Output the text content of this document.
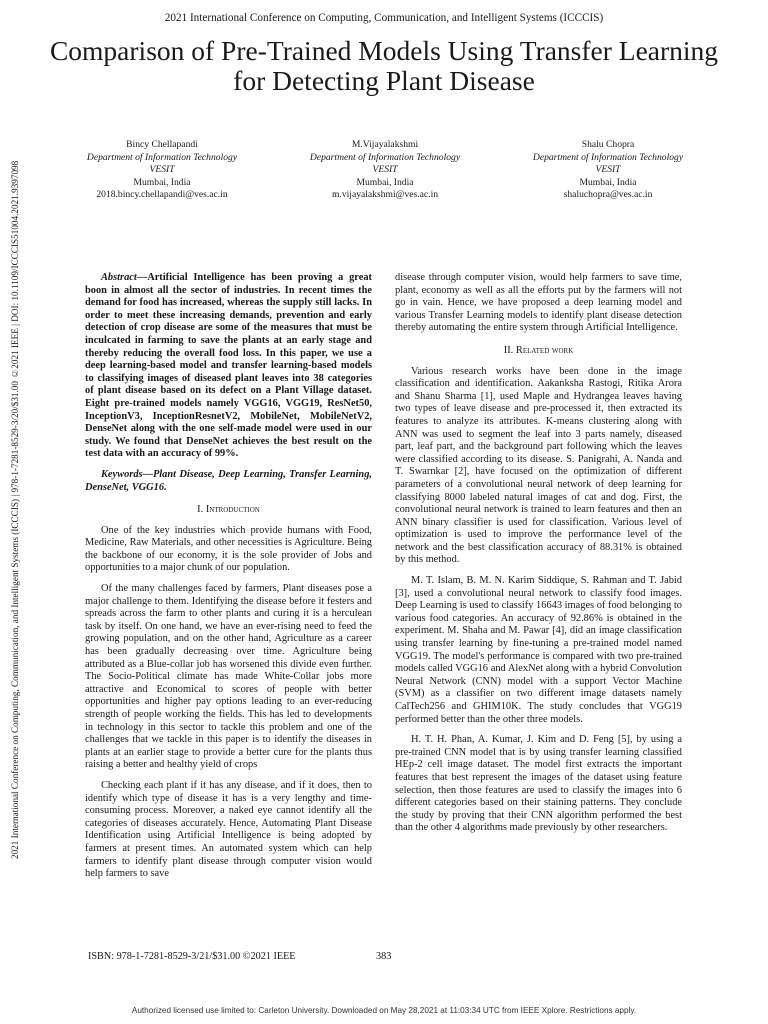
2021 International Conference on Computing, Communication, and Intelligent Systems (ICCCIS)
Comparison of Pre-Trained Models Using Transfer Learning for Detecting Plant Disease
2021 International Conference on Computing, Communication, and Intelligent Systems (ICCCIS) | 978-1-7281-8529-3/20/$31.00 ©2021 IEEE | DOI: 10.1109/ICCCIS51004.2021.9397098
Bincy Chellapandi
Department of Information Technology
VESIT
Mumbai, India
2018.bincy.chellapandi@ves.ac.in
M.Vijayalakshmi
Department of Information Technology
VESIT
Mumbai, India
m.vijayalakshmi@ves.ac.in
Shalu Chopra
Department of Information Technology
VESIT
Mumbai, India
shaluchopra@ves.ac.in

Abstract—Artificial Intelligence has been proving a great boon in almost all the sector of industries. In recent times the demand for food has increased, whereas the supply still lacks. In order to meet these increasing demands, prevention and early detection of crop disease are some of the measures that must be inculcated in farming to save the plants at an early stage and thereby reducing the overall food loss. In this paper, we use a deep learning-based model and transfer learning-based models to classifying images of diseased plant leaves into 38 categories of plant disease based on its defect on a Plant Village dataset. Eight pre-trained models namely VGG16, VGG19, ResNet50, InceptionV3, InceptionResnetV2, MobileNet, MobileNetV2, DenseNet along with the one self-made model were used in our study. We found that DenseNet achieves the best result on the test data with an accuracy of 99%.

Keywords—Plant Disease, Deep Learning, Transfer Learning, DenseNet, VGG16.

I. Introduction

One of the key industries which provide humans with Food, Medicine, Raw Materials, and other necessities is Agriculture. Being the backbone of our economy, it is the sole provider of Jobs and opportunities to a major chunk of our population.

Of the many challenges faced by farmers, Plant diseases pose a major challenge to them. Identifying the disease before it festers and spreads across the farm to other plants and curing it is a herculean task by itself. On one hand, we have an ever-rising need to feed the growing population, and on the other hand, Agriculture as a career has been gradually decreasing over time. Agriculture being attributed as a Blue-collar job has worsened this divide even further. The Socio-Political climate has made White-Collar jobs more attractive and Economical to scores of people with better opportunities and higher pay options leading to an ever-reducing strength of people working the fields. This has led to developments in technology in this sector to tackle this problem and one of the challenges that we tackle in this paper is to identify the diseases in plants at an earlier stage to provide a better cure for the plants thus raising a better and healthy yield of crops

Checking each plant if it has any disease, and if it does, then to identify which type of disease it has is a very lengthy and time-consuming process. Moreover, a naked eye cannot identify all the categories of diseases accurately. Hence, Automating Plant Disease Identification using Artificial Intelligence is being adopted by farmers at present times. An automated system which can help farmers to identify plant disease through computer vision would help farmers to save

disease through computer vision, would help farmers to save time, plant, economy as well as all the efforts put by the farmers will not go in vain. Hence, we have proposed a deep learning model and various Transfer Learning models to identify plant disease detection thereby automating the entire system through Artificial Intelligence.

II. Related work

Various research works have been done in the image classification and identification. Aakanksha Rastogi, Ritika Arora and Shanu Sharma [1], used Maple and Hydrangea leaves having two types of leave disease and pre-processed it, then extracted its features to analyze its attributes. K-means clustering along with ANN was used to segment the leaf into 3 parts namely, diseased part, leaf part, and the background part following which the leaves were classified according to its disease. S. Panigrahi, A. Nanda and T. Swarnkar [2], have focused on the optimization of different parameters of a convolutional neural network of deep learning for classifying 8000 labeled natural images of cat and dog. First, the convolutional neural network is trained to learn features and then an ANN binary classifier is used for classification. Various level of optimization is used to improve the performance level of the network and the best classification accuracy of 88.31% is obtained by this method.

M. T. Islam, B. M. N. Karim Siddique, S. Rahman and T. Jabid [3], used a convolutional neural network to classify food images. Deep Learning is used to classify 16643 images of food belonging to various food categories. An accuracy of 92.86% is obtained in the experiment. M. Shaha and M. Pawar [4], did an image classification using transfer learning by fine-tuning a pre-trained model named VGG19. The model's performance is compared with two pre-trained models called VGG16 and AlexNet along with a hybrid Convolution Neural Network (CNN) model with a support Vector Machine (SVM) as a classifier on two different image datasets namely CalTech256 and GHIM10K. The study concludes that VGG19 performed better than the other three models.

H. T. H. Phan, A. Kumar, J. Kim and D. Feng [5], by using a pre-trained CNN model that is by using transfer learning classified HEp-2 cell image dataset. The model first extracts the important features that best represent the images of the dataset using feature selection, then those features are used to classify the images into 6 different categories based on their staining patterns. They conclude the study by proving that their CNN algorithm performed the best than the other 4 algorithms made previously by other researchers.

ISBN: 978-1-7281-8529-3/21/$31.00 ©2021 IEEE	383
Authorized licensed use limited to: Carleton University. Downloaded on May 28,2021 at 11:03:34 UTC from IEEE Xplore. Restrictions apply.
